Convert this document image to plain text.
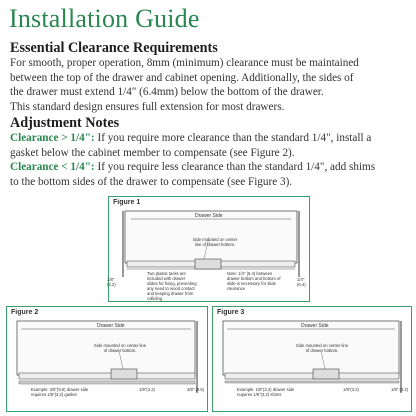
Installation Guide
Essential Clearance Requirements
For smooth, proper operation, 8mm (minimum) clearance must be maintained
between the top of the drawer and cabinet opening. Additionally, the sides of
the drawer must extend 1/4" (6.4mm) below the bottom of the drawer.
This standard design ensures full extension for most drawers.
Adjustment Notes
Clearance > 1/4": If you require more clearance than the standard 1/4", install a
gasket below the cabinet member to compensate (see Figure 2).
Clearance < 1/4": If you require less clearance than the standard 1/4", add shims
to the bottom sides of the drawer to compensate (see Figure 3).
Figure 1
Drawer Side
Side mounted on center line of drawer bottom.
1/8" (3.2)
1/4" (6.4)
Two plastic tacks are included with drawer slides for fixing, preventing any need to wood contact and keeping drawer from colliding.
Note: 1/4" (6.4) between drawer bottom and bottom of slide is necessary for slide clearance
Figure 2
Drawer Side
Side mounted on center line of drawer bottom.
3/8" (9.5)
Example: 3/8"(9.5) drawer side requires 1/8"(3.2) gasket
1/8"(3.2)
Figure 3
Drawer Side
Side mounted on center line of drawer bottom.
1/8" (3.2)
Example: 1/8"(3.2) drawer side requires 1/8"(3.2) shims
1/8"(3.2)
